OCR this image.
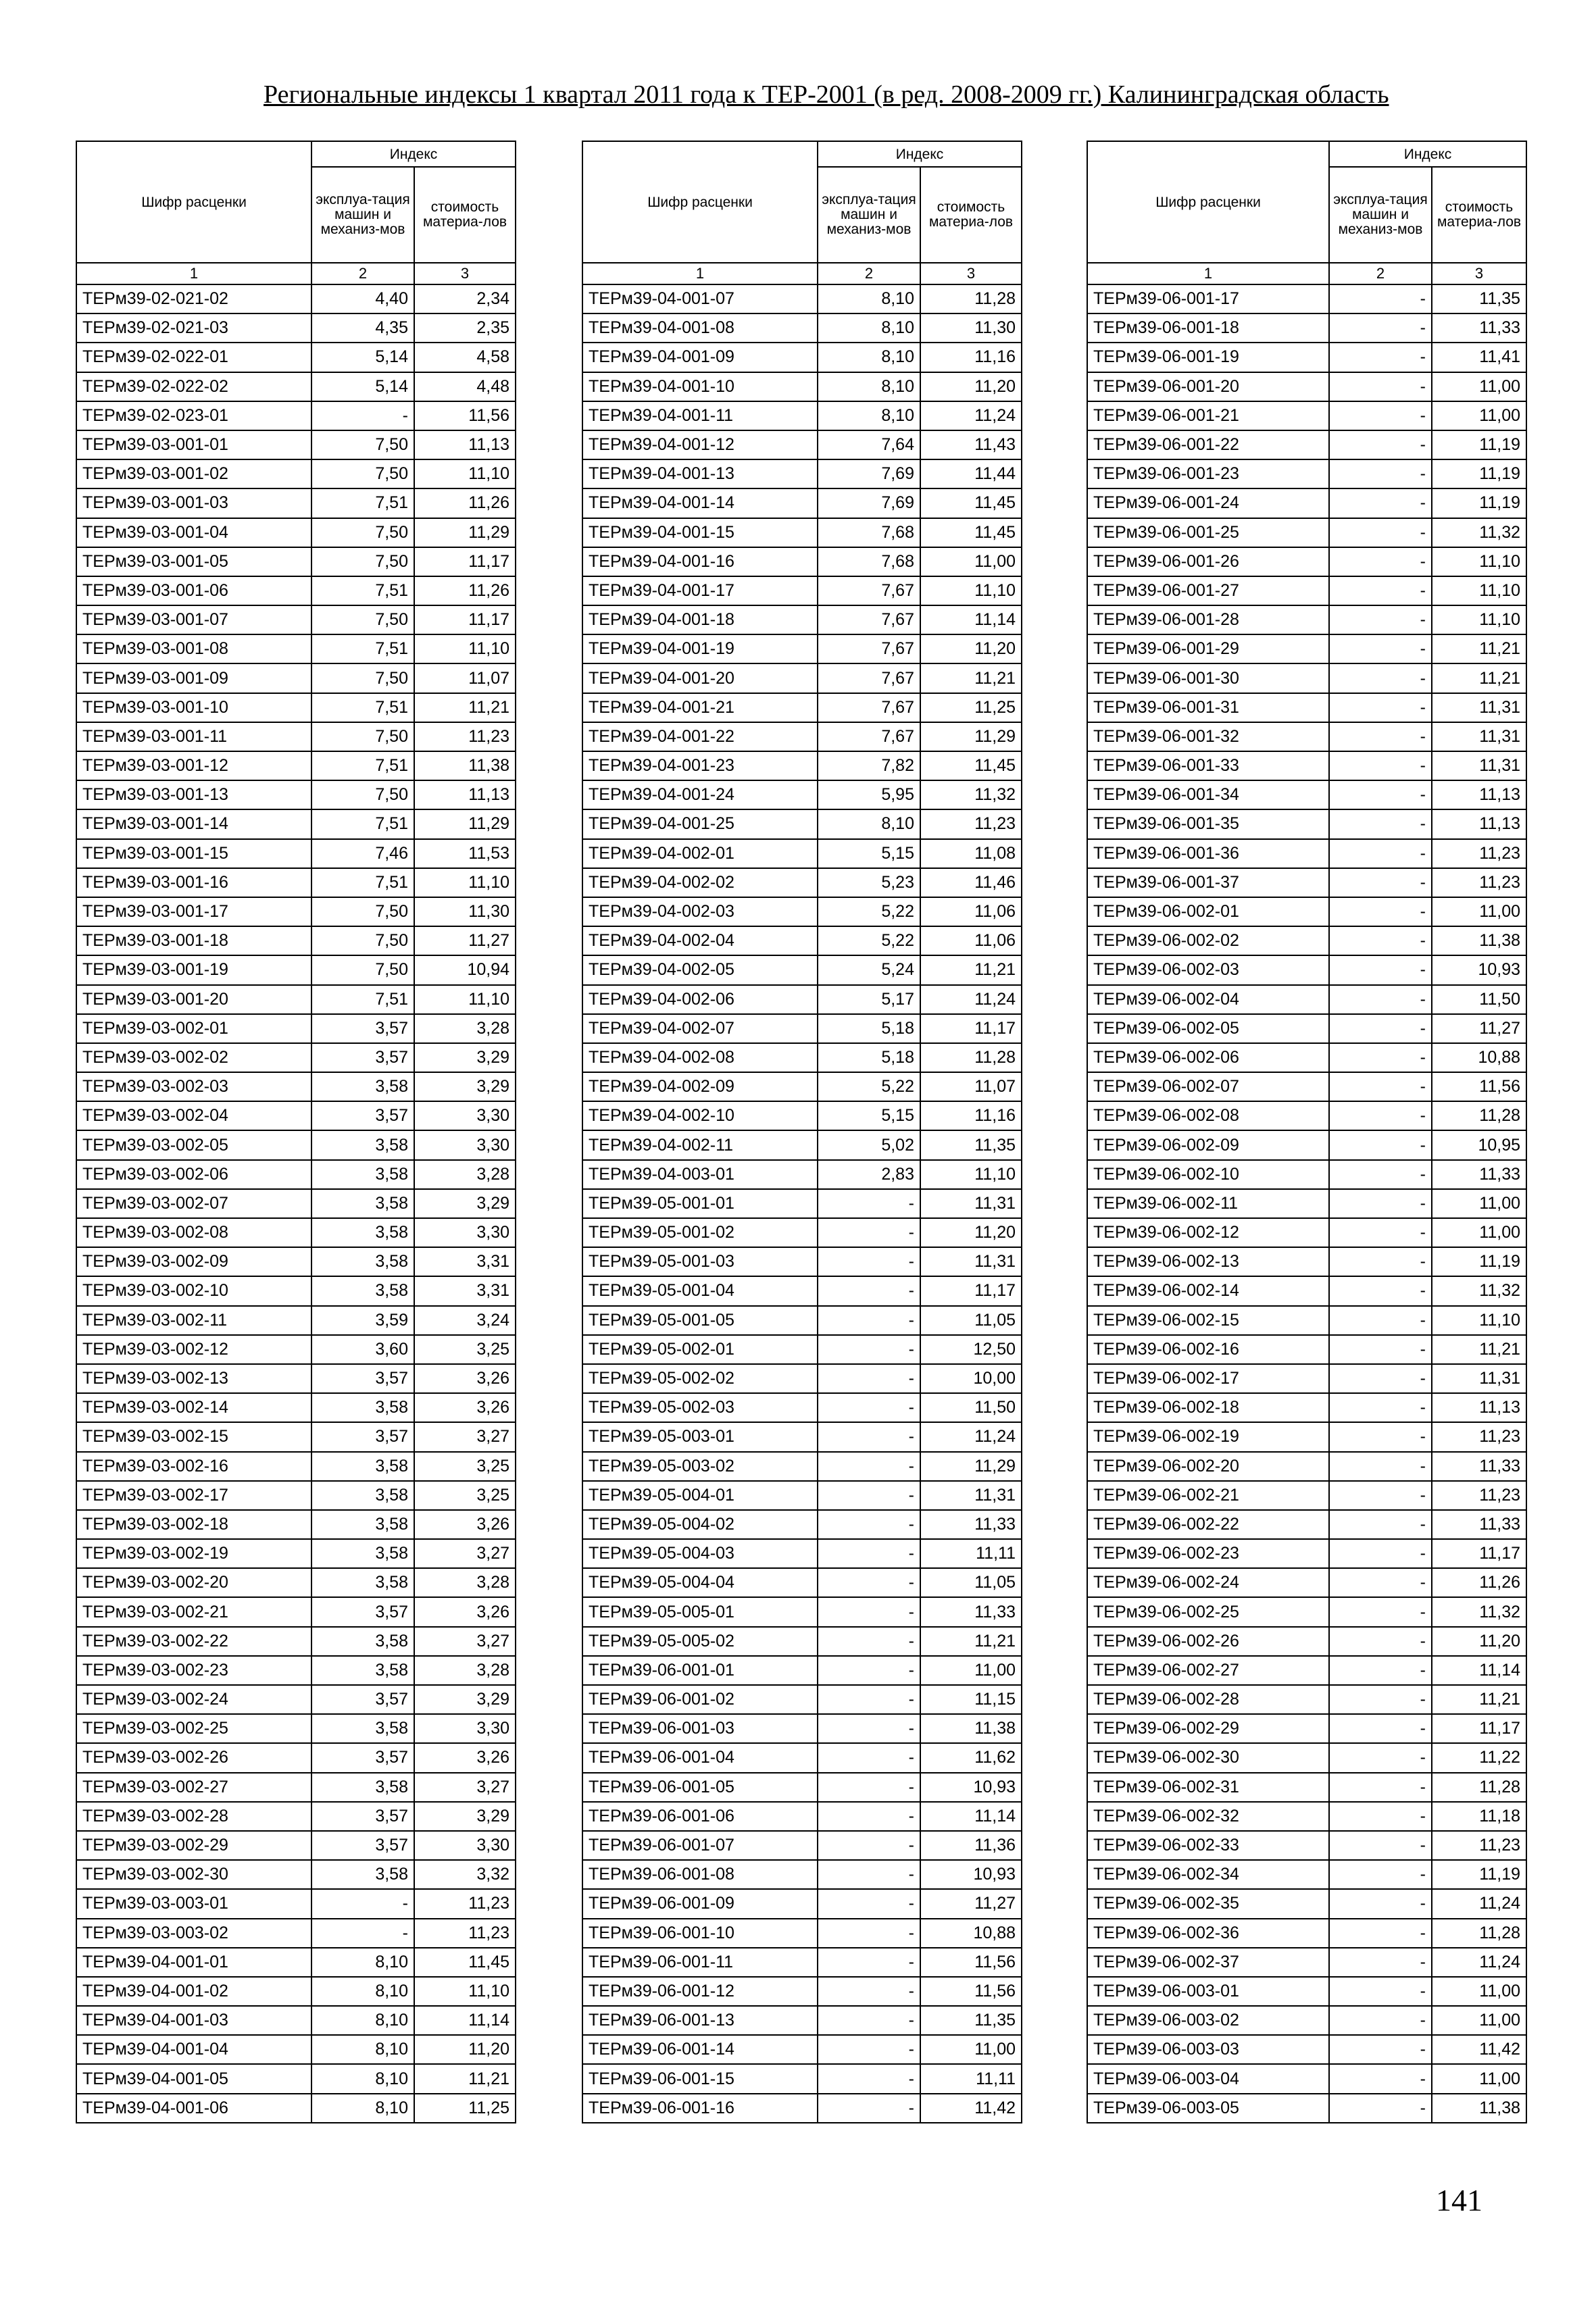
Региональные индексы 1 квартал 2011 года к ТЕР-2001 (в ред. 2008-2009 гг.) Калининградская область
Шифр расценки	Индекс	
	эксплуа-тация машин и механиз-мов	стоимость материа-лов
1	2	3
ТЕРм39-02-021-02	4,40	2,34
ТЕРм39-02-021-03	4,35	2,35
ТЕРм39-02-022-01	5,14	4,58
ТЕРм39-02-022-02	5,14	4,48
ТЕРм39-02-023-01	-	11,56
ТЕРм39-03-001-01	7,50	11,13
ТЕРм39-03-001-02	7,50	11,10
ТЕРм39-03-001-03	7,51	11,26
ТЕРм39-03-001-04	7,50	11,29
ТЕРм39-03-001-05	7,50	11,17
ТЕРм39-03-001-06	7,51	11,26
ТЕРм39-03-001-07	7,50	11,17
ТЕРм39-03-001-08	7,51	11,10
ТЕРм39-03-001-09	7,50	11,07
ТЕРм39-03-001-10	7,51	11,21
ТЕРм39-03-001-11	7,50	11,23
ТЕРм39-03-001-12	7,51	11,38
ТЕРм39-03-001-13	7,50	11,13
ТЕРм39-03-001-14	7,51	11,29
ТЕРм39-03-001-15	7,46	11,53
ТЕРм39-03-001-16	7,51	11,10
ТЕРм39-03-001-17	7,50	11,30
ТЕРм39-03-001-18	7,50	11,27
ТЕРм39-03-001-19	7,50	10,94
ТЕРм39-03-001-20	7,51	11,10
ТЕРм39-03-002-01	3,57	3,28
ТЕРм39-03-002-02	3,57	3,29
ТЕРм39-03-002-03	3,58	3,29
ТЕРм39-03-002-04	3,57	3,30
ТЕРм39-03-002-05	3,58	3,30
ТЕРм39-03-002-06	3,58	3,28
ТЕРм39-03-002-07	3,58	3,29
ТЕРм39-03-002-08	3,58	3,30
ТЕРм39-03-002-09	3,58	3,31
ТЕРм39-03-002-10	3,58	3,31
ТЕРм39-03-002-11	3,59	3,24
ТЕРм39-03-002-12	3,60	3,25
ТЕРм39-03-002-13	3,57	3,26
ТЕРм39-03-002-14	3,58	3,26
ТЕРм39-03-002-15	3,57	3,27
ТЕРм39-03-002-16	3,58	3,25
ТЕРм39-03-002-17	3,58	3,25
ТЕРм39-03-002-18	3,58	3,26
ТЕРм39-03-002-19	3,58	3,27
ТЕРм39-03-002-20	3,58	3,28
ТЕРм39-03-002-21	3,57	3,26
ТЕРм39-03-002-22	3,58	3,27
ТЕРм39-03-002-23	3,58	3,28
ТЕРм39-03-002-24	3,57	3,29
ТЕРм39-03-002-25	3,58	3,30
ТЕРм39-03-002-26	3,57	3,26
ТЕРм39-03-002-27	3,58	3,27
ТЕРм39-03-002-28	3,57	3,29
ТЕРм39-03-002-29	3,57	3,30
ТЕРм39-03-002-30	3,58	3,32
ТЕРм39-03-003-01	-	11,23
ТЕРм39-03-003-02	-	11,23
ТЕРм39-04-001-01	8,10	11,45
ТЕРм39-04-001-02	8,10	11,10
ТЕРм39-04-001-03	8,10	11,14
ТЕРм39-04-001-04	8,10	11,20
ТЕРм39-04-001-05	8,10	11,21
ТЕРм39-04-001-06	8,10	11,25
Шифр расценки	Индекс	
	эксплуа-тация машин и механиз-мов	стоимость материа-лов
1	2	3
ТЕРм39-04-001-07	8,10	11,28
ТЕРм39-04-001-08	8,10	11,30
ТЕРм39-04-001-09	8,10	11,16
ТЕРм39-04-001-10	8,10	11,20
ТЕРм39-04-001-11	8,10	11,24
ТЕРм39-04-001-12	7,64	11,43
ТЕРм39-04-001-13	7,69	11,44
ТЕРм39-04-001-14	7,69	11,45
ТЕРм39-04-001-15	7,68	11,45
ТЕРм39-04-001-16	7,68	11,00
ТЕРм39-04-001-17	7,67	11,10
ТЕРм39-04-001-18	7,67	11,14
ТЕРм39-04-001-19	7,67	11,20
ТЕРм39-04-001-20	7,67	11,21
ТЕРм39-04-001-21	7,67	11,25
ТЕРм39-04-001-22	7,67	11,29
ТЕРм39-04-001-23	7,82	11,45
ТЕРм39-04-001-24	5,95	11,32
ТЕРм39-04-001-25	8,10	11,23
ТЕРм39-04-002-01	5,15	11,08
ТЕРм39-04-002-02	5,23	11,46
ТЕРм39-04-002-03	5,22	11,06
ТЕРм39-04-002-04	5,22	11,06
ТЕРм39-04-002-05	5,24	11,21
ТЕРм39-04-002-06	5,17	11,24
ТЕРм39-04-002-07	5,18	11,17
ТЕРм39-04-002-08	5,18	11,28
ТЕРм39-04-002-09	5,22	11,07
ТЕРм39-04-002-10	5,15	11,16
ТЕРм39-04-002-11	5,02	11,35
ТЕРм39-04-003-01	2,83	11,10
ТЕРм39-05-001-01	-	11,31
ТЕРм39-05-001-02	-	11,20
ТЕРм39-05-001-03	-	11,31
ТЕРм39-05-001-04	-	11,17
ТЕРм39-05-001-05	-	11,05
ТЕРм39-05-002-01	-	12,50
ТЕРм39-05-002-02	-	10,00
ТЕРм39-05-002-03	-	11,50
ТЕРм39-05-003-01	-	11,24
ТЕРм39-05-003-02	-	11,29
ТЕРм39-05-004-01	-	11,31
ТЕРм39-05-004-02	-	11,33
ТЕРм39-05-004-03	-	11,11
ТЕРм39-05-004-04	-	11,05
ТЕРм39-05-005-01	-	11,33
ТЕРм39-05-005-02	-	11,21
ТЕРм39-06-001-01	-	11,00
ТЕРм39-06-001-02	-	11,15
ТЕРм39-06-001-03	-	11,38
ТЕРм39-06-001-04	-	11,62
ТЕРм39-06-001-05	-	10,93
ТЕРм39-06-001-06	-	11,14
ТЕРм39-06-001-07	-	11,36
ТЕРм39-06-001-08	-	10,93
ТЕРм39-06-001-09	-	11,27
ТЕРм39-06-001-10	-	10,88
ТЕРм39-06-001-11	-	11,56
ТЕРм39-06-001-12	-	11,56
ТЕРм39-06-001-13	-	11,35
ТЕРм39-06-001-14	-	11,00
ТЕРм39-06-001-15	-	11,11
ТЕРм39-06-001-16	-	11,42
Шифр расценки	Индекс	
	эксплуа-тация машин и механиз-мов	стоимость материа-лов
1	2	3
ТЕРм39-06-001-17	-	11,35
ТЕРм39-06-001-18	-	11,33
ТЕРм39-06-001-19	-	11,41
ТЕРм39-06-001-20	-	11,00
ТЕРм39-06-001-21	-	11,00
ТЕРм39-06-001-22	-	11,19
ТЕРм39-06-001-23	-	11,19
ТЕРм39-06-001-24	-	11,19
ТЕРм39-06-001-25	-	11,32
ТЕРм39-06-001-26	-	11,10
ТЕРм39-06-001-27	-	11,10
ТЕРм39-06-001-28	-	11,10
ТЕРм39-06-001-29	-	11,21
ТЕРм39-06-001-30	-	11,21
ТЕРм39-06-001-31	-	11,31
ТЕРм39-06-001-32	-	11,31
ТЕРм39-06-001-33	-	11,31
ТЕРм39-06-001-34	-	11,13
ТЕРм39-06-001-35	-	11,13
ТЕРм39-06-001-36	-	11,23
ТЕРм39-06-001-37	-	11,23
ТЕРм39-06-002-01	-	11,00
ТЕРм39-06-002-02	-	11,38
ТЕРм39-06-002-03	-	10,93
ТЕРм39-06-002-04	-	11,50
ТЕРм39-06-002-05	-	11,27
ТЕРм39-06-002-06	-	10,88
ТЕРм39-06-002-07	-	11,56
ТЕРм39-06-002-08	-	11,28
ТЕРм39-06-002-09	-	10,95
ТЕРм39-06-002-10	-	11,33
ТЕРм39-06-002-11	-	11,00
ТЕРм39-06-002-12	-	11,00
ТЕРм39-06-002-13	-	11,19
ТЕРм39-06-002-14	-	11,32
ТЕРм39-06-002-15	-	11,10
ТЕРм39-06-002-16	-	11,21
ТЕРм39-06-002-17	-	11,31
ТЕРм39-06-002-18	-	11,13
ТЕРм39-06-002-19	-	11,23
ТЕРм39-06-002-20	-	11,33
ТЕРм39-06-002-21	-	11,23
ТЕРм39-06-002-22	-	11,33
ТЕРм39-06-002-23	-	11,17
ТЕРм39-06-002-24	-	11,26
ТЕРм39-06-002-25	-	11,32
ТЕРм39-06-002-26	-	11,20
ТЕРм39-06-002-27	-	11,14
ТЕРм39-06-002-28	-	11,21
ТЕРм39-06-002-29	-	11,17
ТЕРм39-06-002-30	-	11,22
ТЕРм39-06-002-31	-	11,28
ТЕРм39-06-002-32	-	11,18
ТЕРм39-06-002-33	-	11,23
ТЕРм39-06-002-34	-	11,19
ТЕРм39-06-002-35	-	11,24
ТЕРм39-06-002-36	-	11,28
ТЕРм39-06-002-37	-	11,24
ТЕРм39-06-003-01	-	11,00
ТЕРм39-06-003-02	-	11,00
ТЕРм39-06-003-03	-	11,42
ТЕРм39-06-003-04	-	11,00
ТЕРм39-06-003-05	-	11,38
141
